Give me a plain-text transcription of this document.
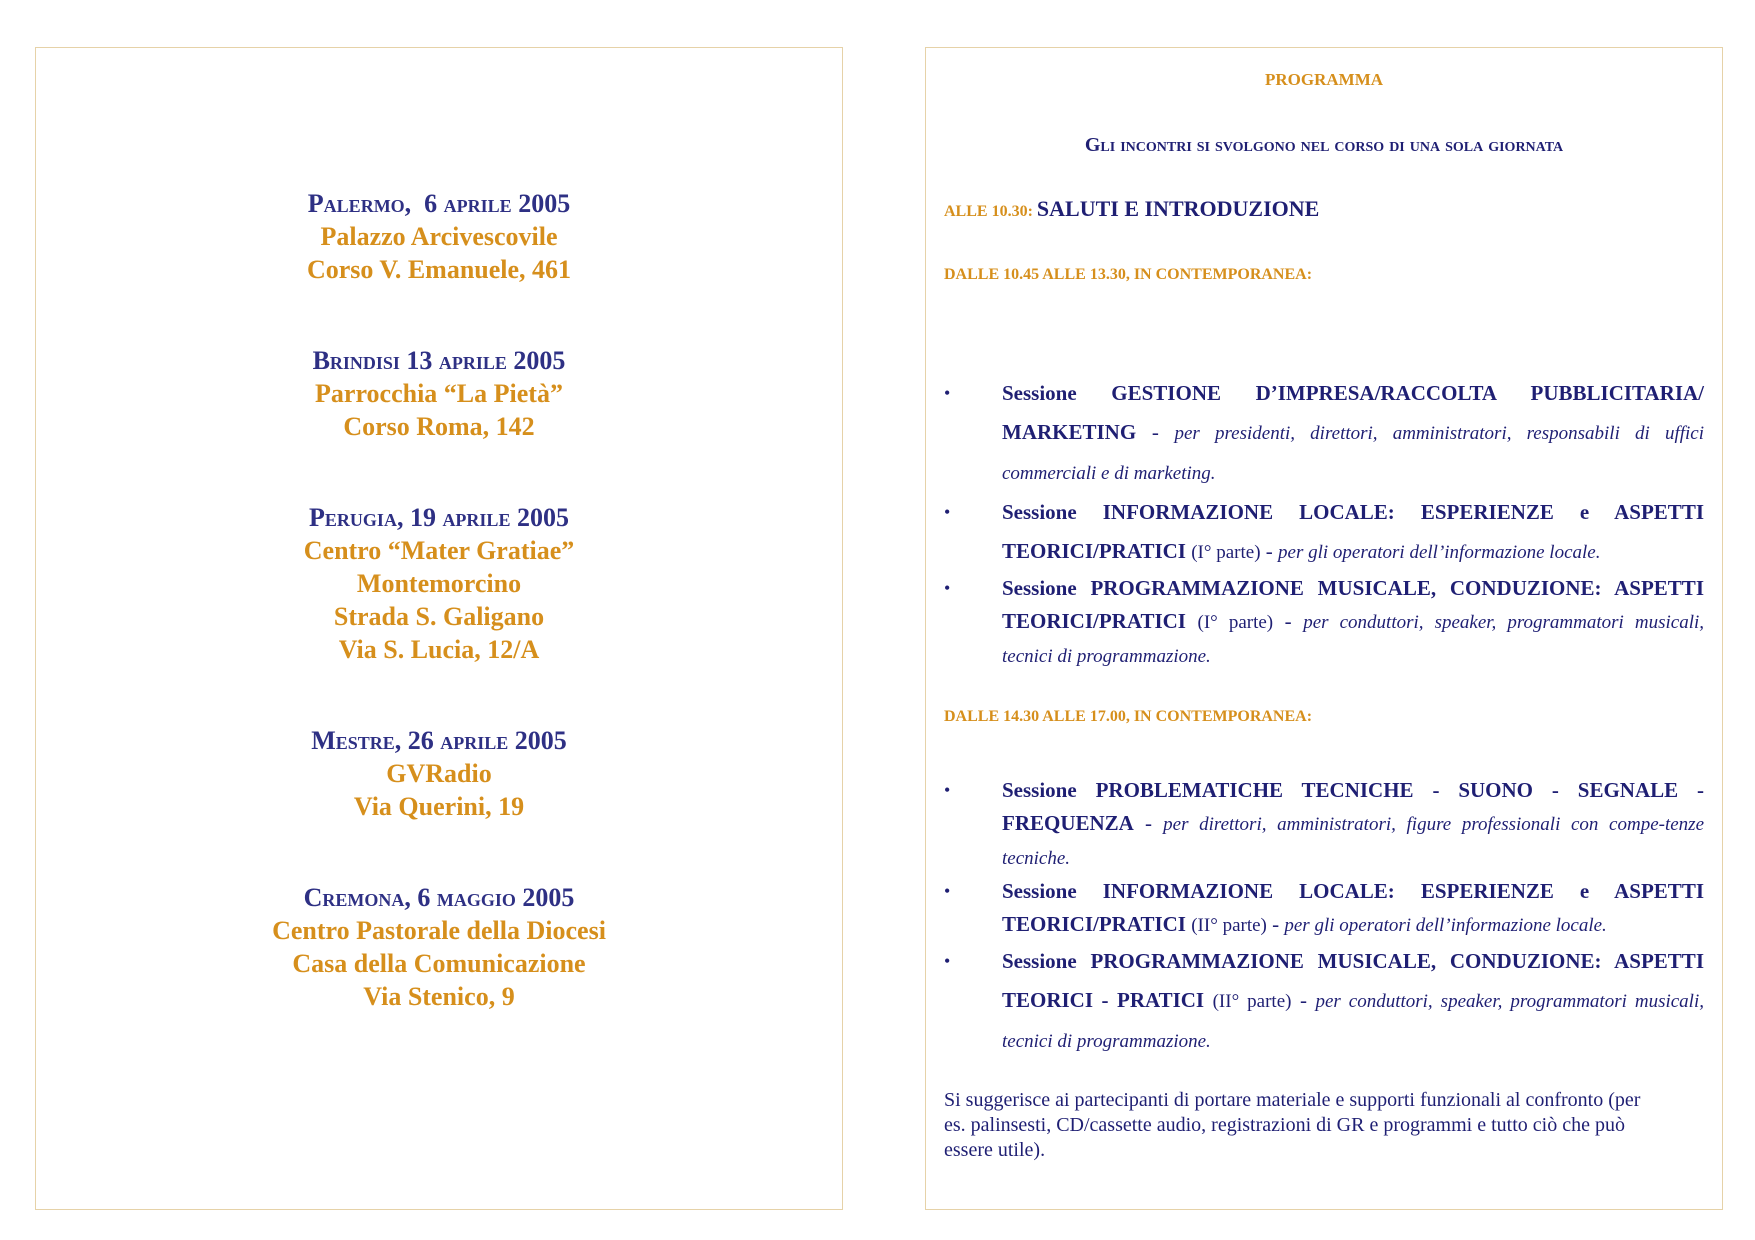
Palermo,  6 aprile 2005
Palazzo Arcivescovile
Corso V. Emanuele, 461
Brindisi 13 aprile 2005
Parrocchia “La Pietà”
Corso Roma, 142
Perugia, 19 aprile 2005
Centro “Mater Gratiae”
Montemorcino
Strada S. Galigano
Via S. Lucia, 12/A
Mestre, 26 aprile 2005
GVRadio
Via Querini, 19
Cremona, 6 maggio 2005
Centro Pastorale della Diocesi
Casa della Comunicazione
Via Stenico, 9
PROGRAMMA
Gli incontri si svolgono nel corso di una sola giornata
ALLE 10.30: SALUTI E INTRODUZIONE
DALLE 10.45 ALLE 13.30, IN CONTEMPORANEA:
• Sessione GESTIONE D’IMPRESA/RACCOLTA PUBBLICITARIA/ MARKETING - per presidenti, direttori, amministratori, responsabili di uffici commerciali e di marketing.
• Sessione INFORMAZIONE LOCALE: ESPERIENZE e ASPETTI TEORICI/PRATICI (I° parte) - per gli operatori dell’informazione locale.
• Sessione PROGRAMMAZIONE MUSICALE, CONDUZIONE: ASPETTI TEORICI/PRATICI (I° parte) - per conduttori, speaker, programmatori musicali, tecnici di programmazione.
DALLE 14.30 ALLE 17.00, IN CONTEMPORANEA:
• Sessione PROBLEMATICHE TECNICHE - SUONO - SEGNALE - FREQUENZA - per direttori, amministratori, figure professionali con compe-tenze tecniche.
• Sessione INFORMAZIONE LOCALE: ESPERIENZE e ASPETTI TEORICI/PRATICI (II° parte) - per gli operatori dell’informazione locale.
• Sessione PROGRAMMAZIONE MUSICALE, CONDUZIONE: ASPETTI TEORICI - PRATICI (II° parte) - per conduttori, speaker, programmatori musicali, tecnici di programmazione.
Si suggerisce ai partecipanti di portare materiale e supporti funzionali al confronto (per es. palinsesti, CD/cassette audio, registrazioni di GR e programmi e tutto ciò che può essere utile).
